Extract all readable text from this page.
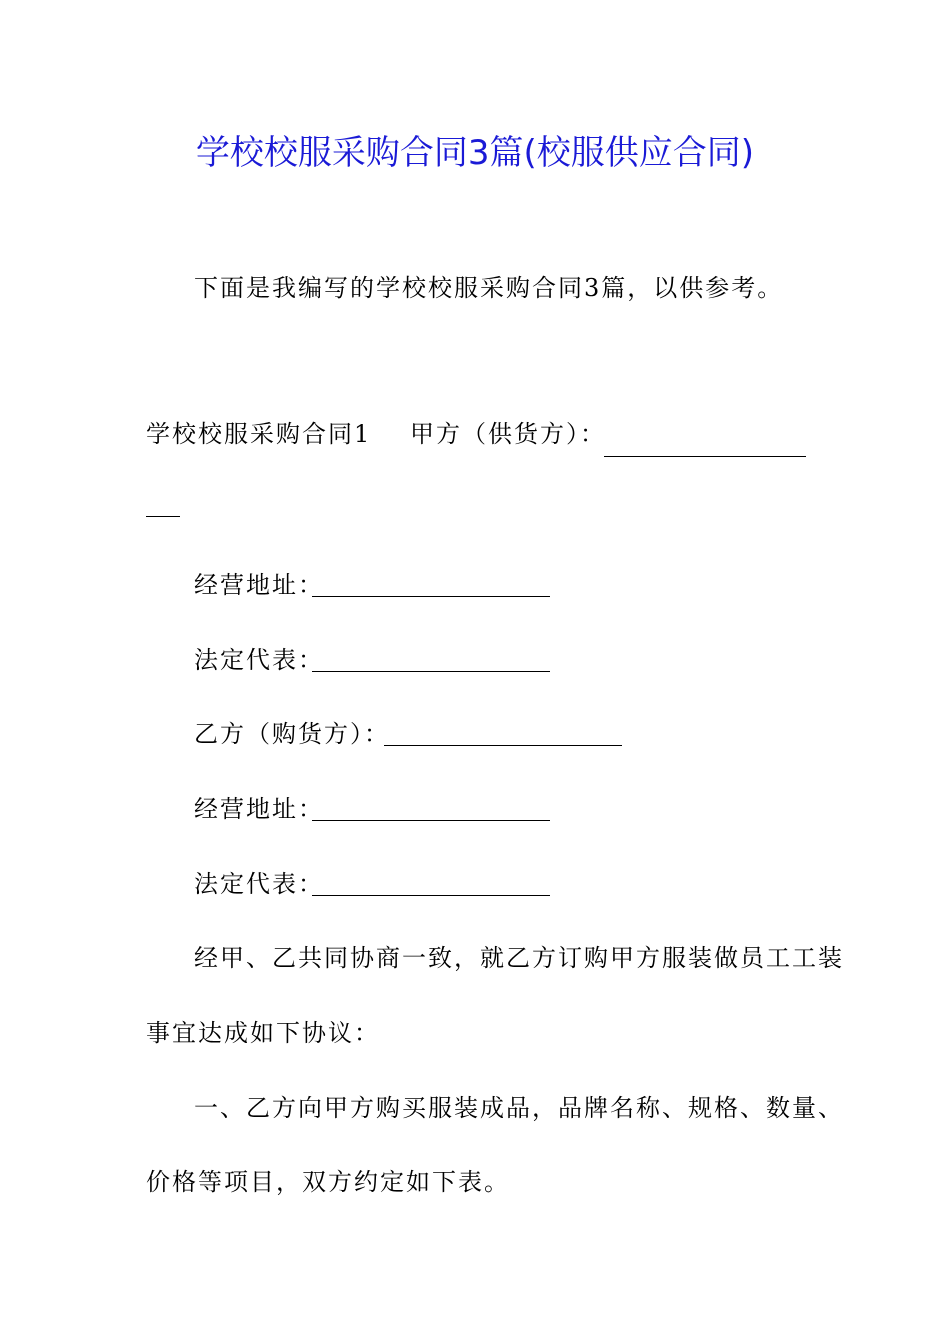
学校校服采购合同3篇(校服供应合同)
下面是我编写的学校校服采购合同3篇，以供参考。
学校校服采购合同1 甲方（供货方）：
经营地址：
法定代表：
乙方（购货方）：
经营地址：
法定代表：
经甲、乙共同协商一致，就乙方订购甲方服装做员工工装
事宜达成如下协议：
一、乙方向甲方购买服装成品，品牌名称、规格、数量、
价格等项目，双方约定如下表。
